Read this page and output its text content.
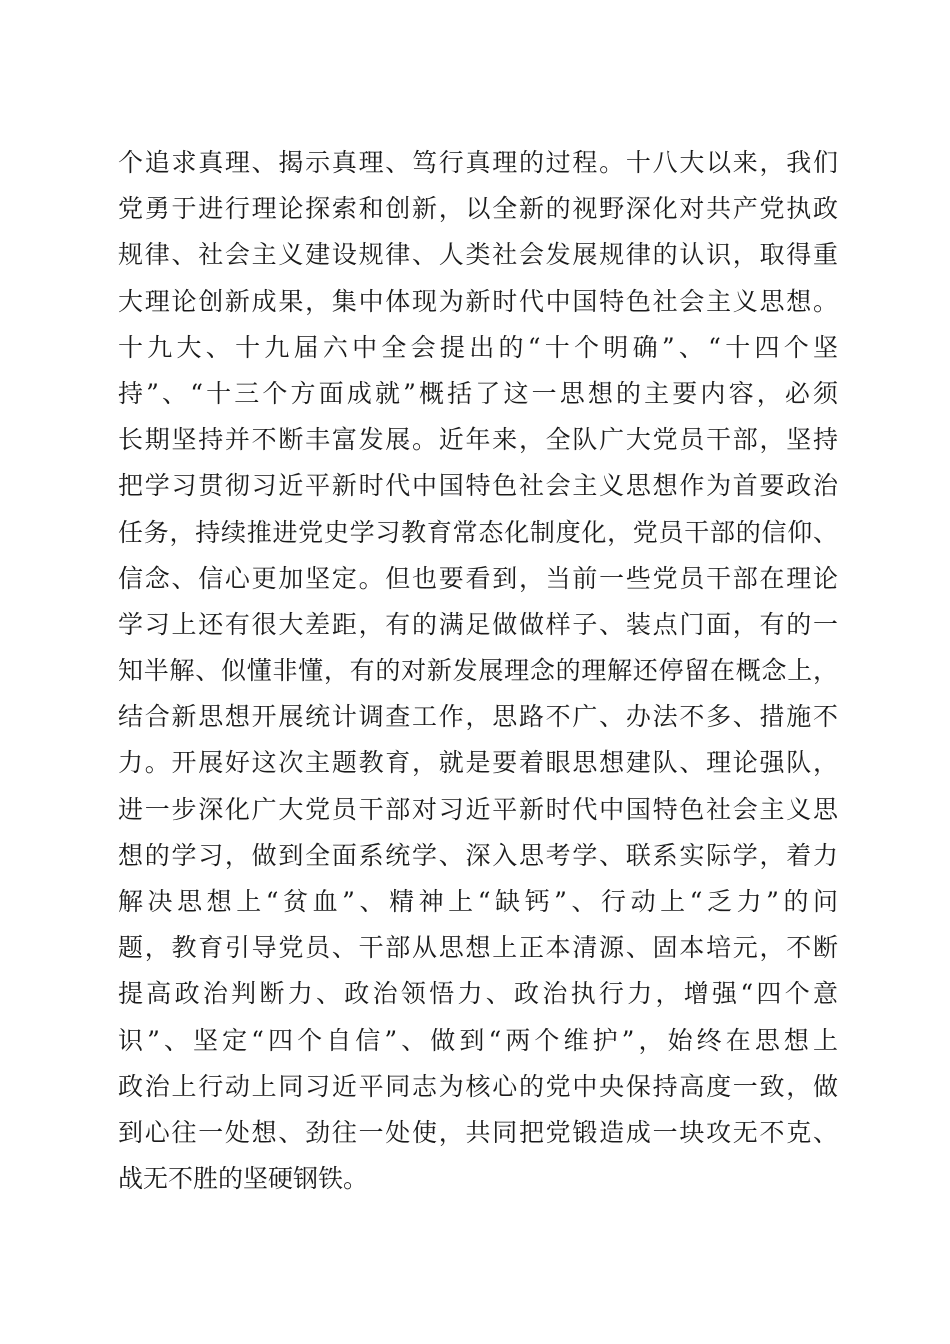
个追求真理、揭示真理、笃行真理的过程。十八大以来，我们
党勇于进行理论探索和创新，以全新的视野深化对共产党执政
规律、社会主义建设规律、人类社会发展规律的认识，取得重
大理论创新成果，集中体现为新时代中国特色社会主义思想。
十九大、十九届六中全会提出的“十个明确”、“十四个坚
持”、“十三个方面成就”概括了这一思想的主要内容，必须
长期坚持并不断丰富发展。近年来，全队广大党员干部，坚持
把学习贯彻习近平新时代中国特色社会主义思想作为首要政治
任务，持续推进党史学习教育常态化制度化，党员干部的信仰、
信念、信心更加坚定。但也要看到，当前一些党员干部在理论
学习上还有很大差距，有的满足做做样子、装点门面，有的一
知半解、似懂非懂，有的对新发展理念的理解还停留在概念上，
结合新思想开展统计调查工作，思路不广、办法不多、措施不
力。开展好这次主题教育，就是要着眼思想建队、理论强队，
进一步深化广大党员干部对习近平新时代中国特色社会主义思
想的学习，做到全面系统学、深入思考学、联系实际学，着力
解决思想上“贫血”、精神上“缺钙”、行动上“乏力”的问
题，教育引导党员、干部从思想上正本清源、固本培元，不断
提高政治判断力、政治领悟力、政治执行力，增强“四个意
识”、坚定“四个自信”、做到“两个维护”，始终在思想上
政治上行动上同习近平同志为核心的党中央保持高度一致，做
到心往一处想、劲往一处使，共同把党锻造成一块攻无不克、
战无不胜的坚硬钢铁。
